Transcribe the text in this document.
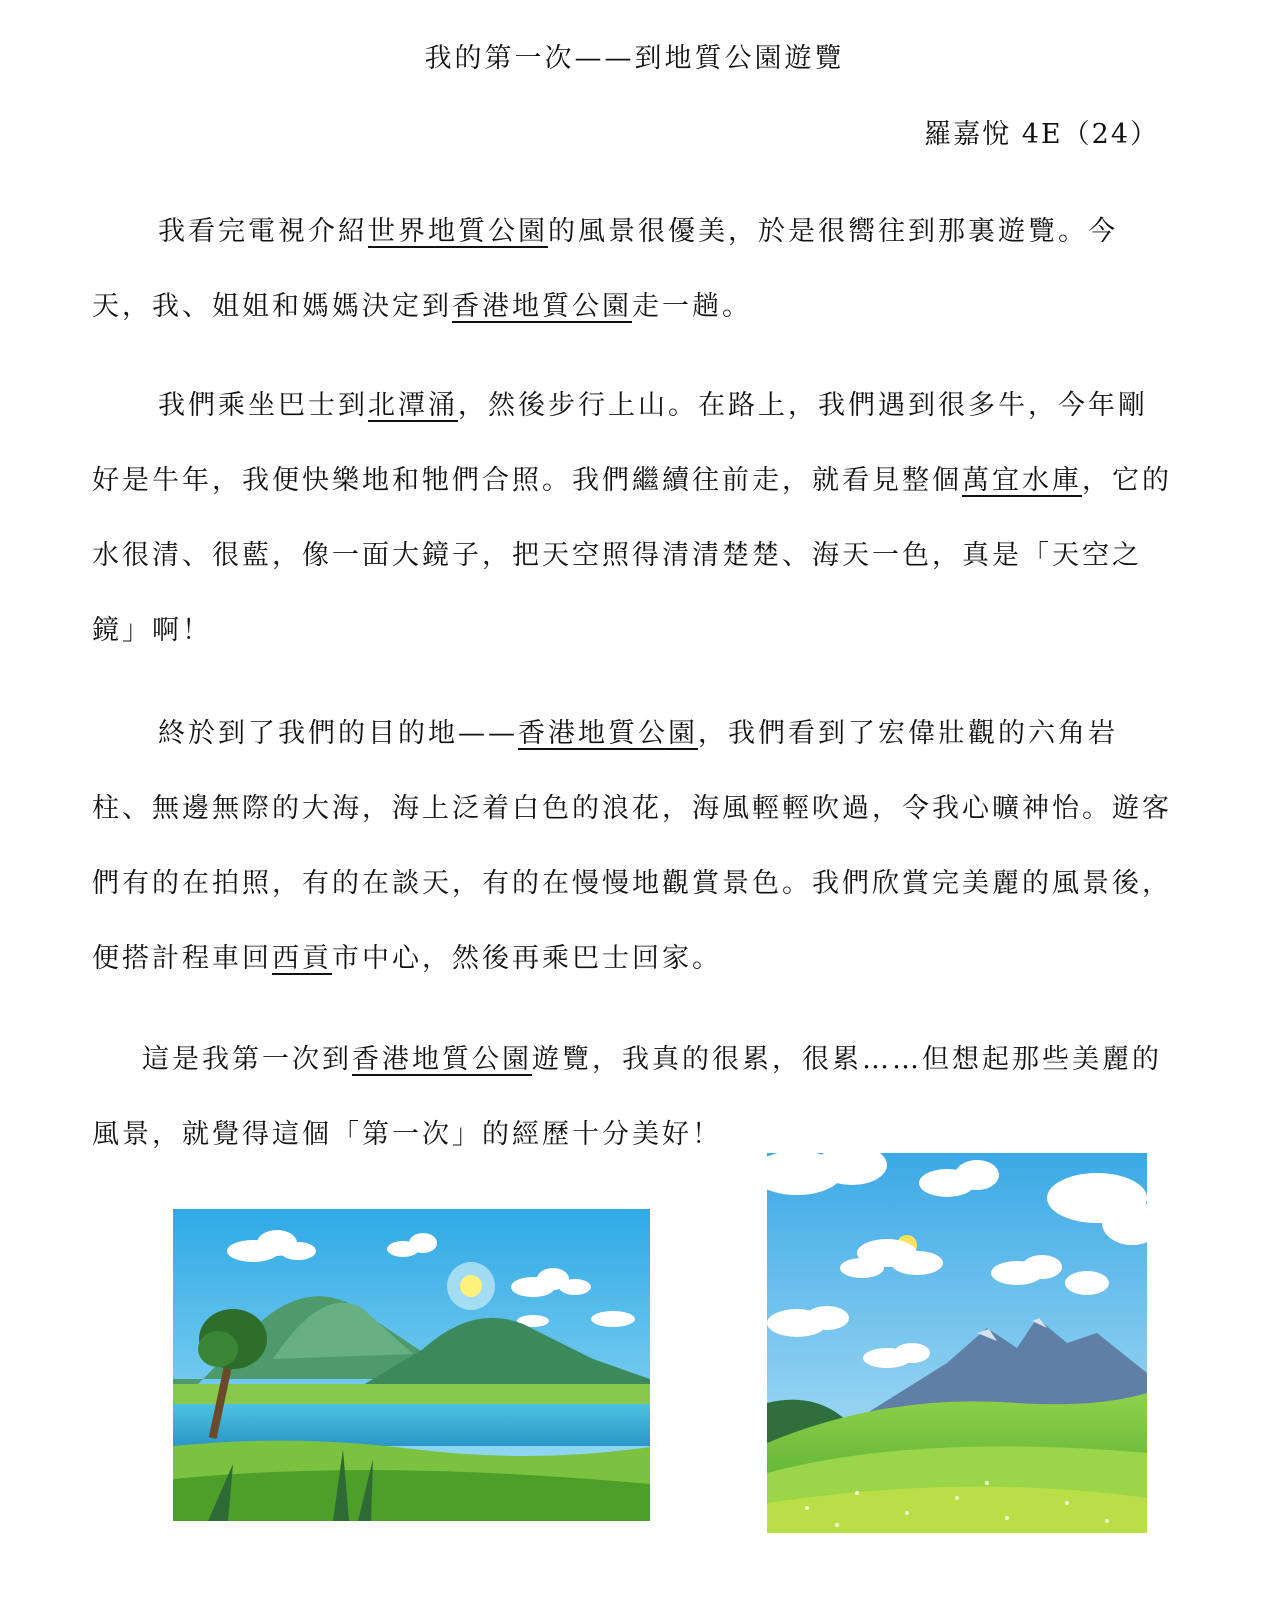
我的第一次——到地質公園遊覽
羅嘉悅 4E（24）

我看完電視介紹世界地質公園的風景很優美，於是很嚮往到那裏遊覽。今天，我、姐姐和媽媽決定到香港地質公園走一趟。

我們乘坐巴士到北潭涌，然後步行上山。在路上，我們遇到很多牛，今年剛好是牛年，我便快樂地和牠們合照。我們繼續往前走，就看見整個萬宜水庫，它的水很清、很藍，像一面大鏡子，把天空照得清清楚楚、海天一色，真是「天空之鏡」啊！

終於到了我們的目的地——香港地質公園，我們看到了宏偉壯觀的六角岩柱、無邊無際的大海，海上泛着白色的浪花，海風輕輕吹過，令我心曠神怡。遊客們有的在拍照，有的在談天，有的在慢慢地觀賞景色。我們欣賞完美麗的風景後，便搭計程車回西貢市中心，然後再乘巴士回家。

這是我第一次到香港地質公園遊覽，我真的很累，很累……但想起那些美麗的風景，就覺得這個「第一次」的經歷十分美好！
